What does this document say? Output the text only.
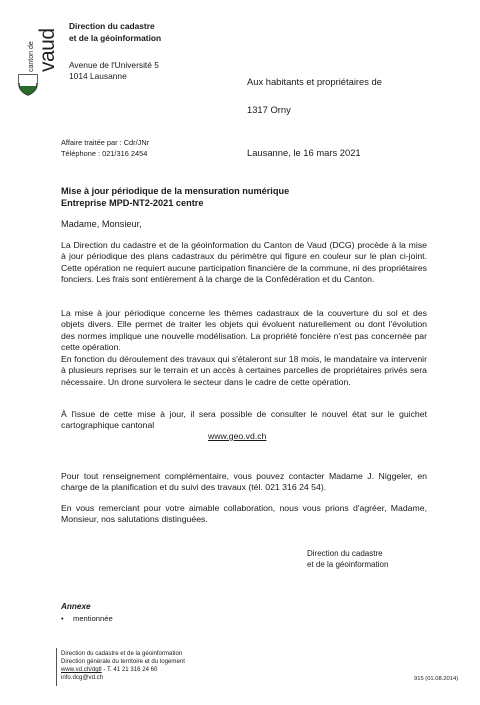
canton de vaud
Direction du cadastre
et de la géoinformation
Avenue de l'Université 5
1014 Lausanne	Aux habitants et propriétaires de
1317 Orny
Affaire traitée par : Cdr/JNr
Téléphone : 021/316 2454	Lausanne, le 16 mars 2021
Mise à jour périodique de la mensuration numérique
Entreprise MPD-NT2-2021 centre
Madame, Monsieur,
La Direction du cadastre et de la géoinformation du Canton de Vaud (DCG) procède à la mise à jour périodique des plans cadastraux du périmètre qui figure en couleur sur le plan ci-joint. Cette opération ne requiert aucune participation financière de la commune, ni des propriétaires fonciers. Les frais sont entièrement à la charge de la Confédération et du Canton.
La mise à jour périodique concerne les thèmes cadastraux de la couverture du sol et des objets divers. Elle permet de traiter les objets qui évoluent naturellement ou dont l'évolution des normes implique une nouvelle modélisation. La propriété foncière n'est pas concernée par cette opération.
En fonction du déroulement des travaux qui s'étaleront sur 18 mois, le mandataire va intervenir à plusieurs reprises sur le terrain et un accès à certaines parcelles de propriétaires privés sera nécessaire. Un drone survolera le secteur dans le cadre de cette opération.
À l'issue de cette mise à jour, il sera possible de consulter le nouvel état sur le guichet cartographique cantonal
www.geo.vd.ch
Pour tout renseignement complémentaire, vous pouvez contacter Madame J. Niggeler, en charge de la planification et du suivi des travaux (tél. 021 316 24 54).
En vous remerciant pour votre aimable collaboration, nous vous prions d'agréer, Madame, Monsieur, nos salutations distinguées.
Direction du cadastre
et de la géoinformation
Annexe
• mentionnée
Direction du cadastre et de la géoinformation
Direction générale du territoire et du logement
www.vd.ch/dgtl - T. 41 21 316 24 60
info.dcg@vd.ch	915 (01.08.2014)
